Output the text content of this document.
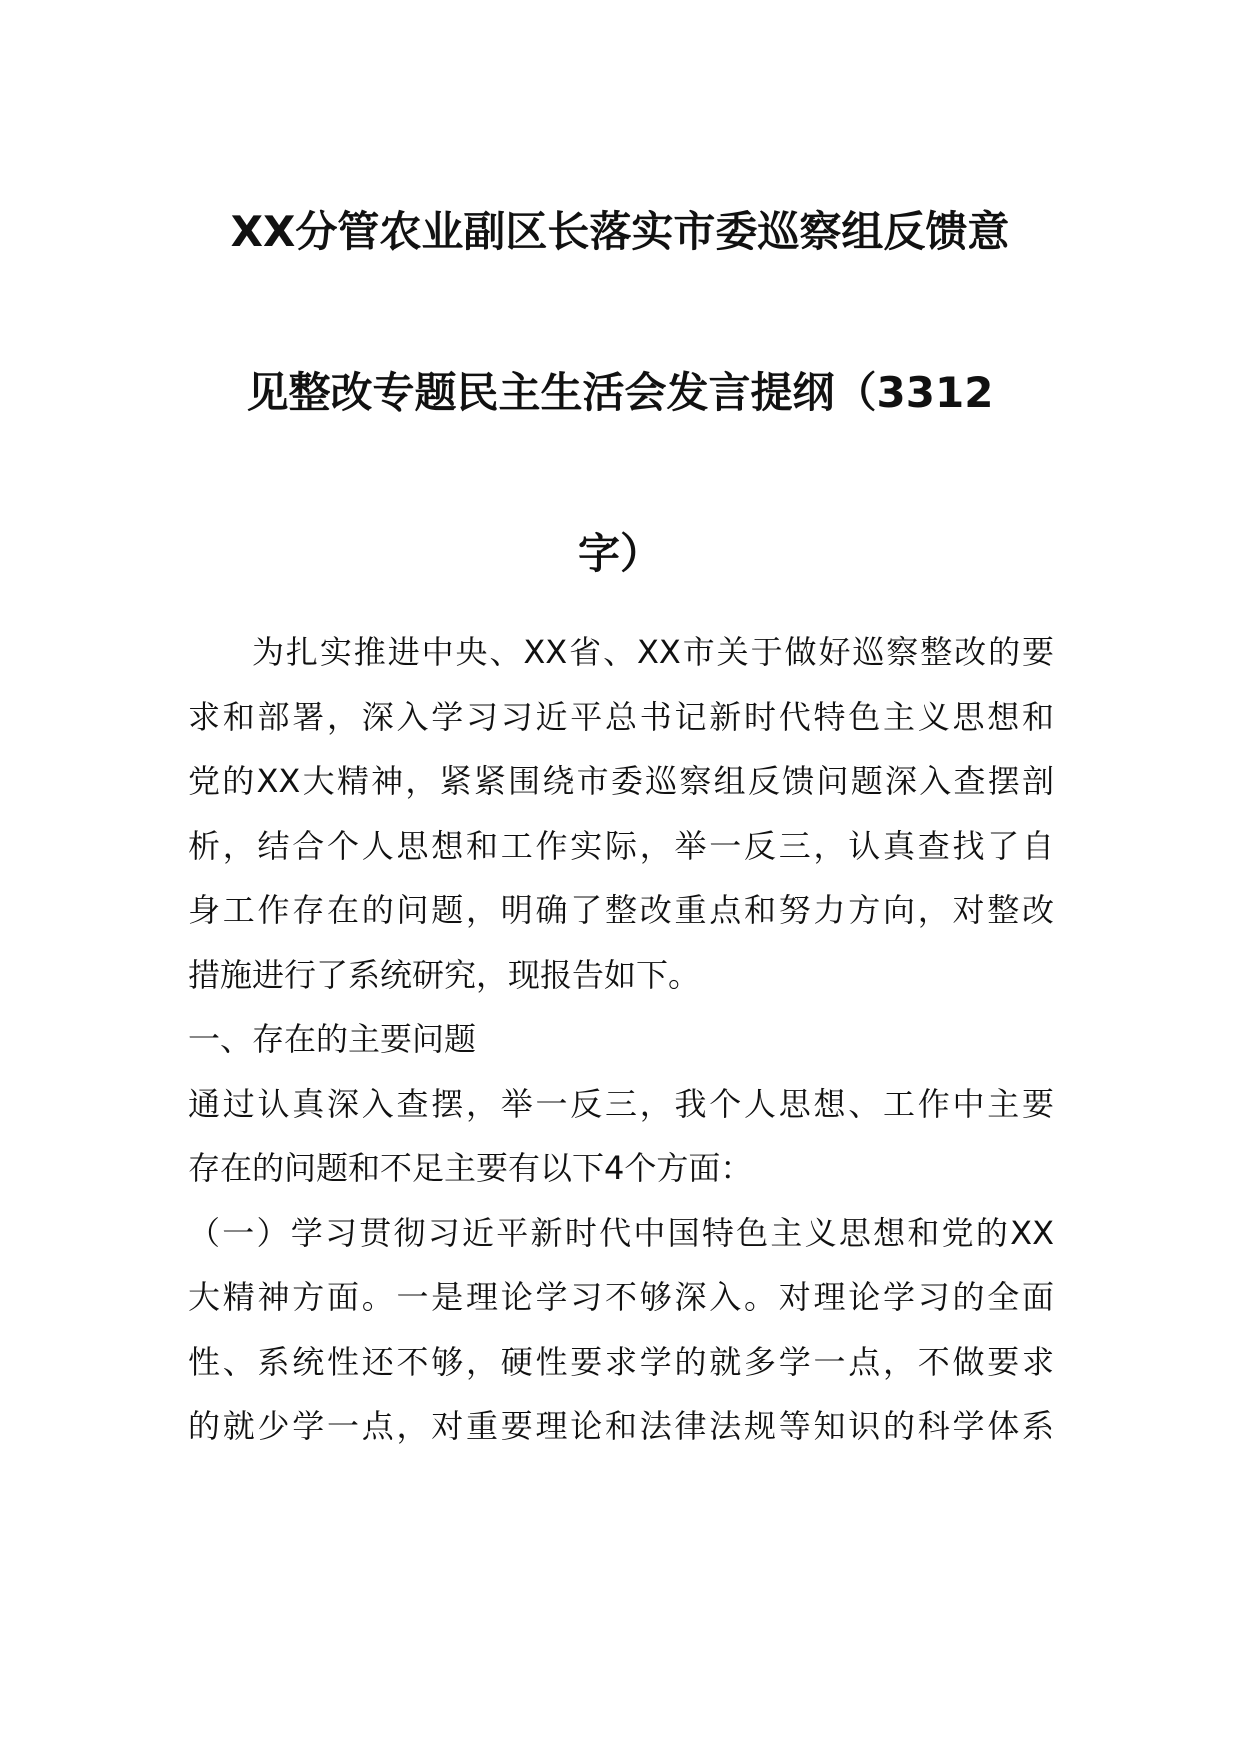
XX分管农业副区长落实市委巡察组反馈意
见整改专题民主生活会发言提纲（3312
字）
为扎实推进中央、XX省、XX市关于做好巡察整改的要
求和部署，深入学习习近平总书记新时代特色主义思想和
党的XX大精神，紧紧围绕市委巡察组反馈问题深入查摆剖
析，结合个人思想和工作实际，举一反三，认真查找了自
身工作存在的问题，明确了整改重点和努力方向，对整改
措施进行了系统研究，现报告如下。
一、存在的主要问题
通过认真深入查摆，举一反三，我个人思想、工作中主要
存在的问题和不足主要有以下4个方面：
（一）学习贯彻习近平新时代中国特色主义思想和党的XX
大精神方面。一是理论学习不够深入。对理论学习的全面
性、系统性还不够，硬性要求学的就多学一点，不做要求
的就少学一点，对重要理论和法律法规等知识的科学体系
